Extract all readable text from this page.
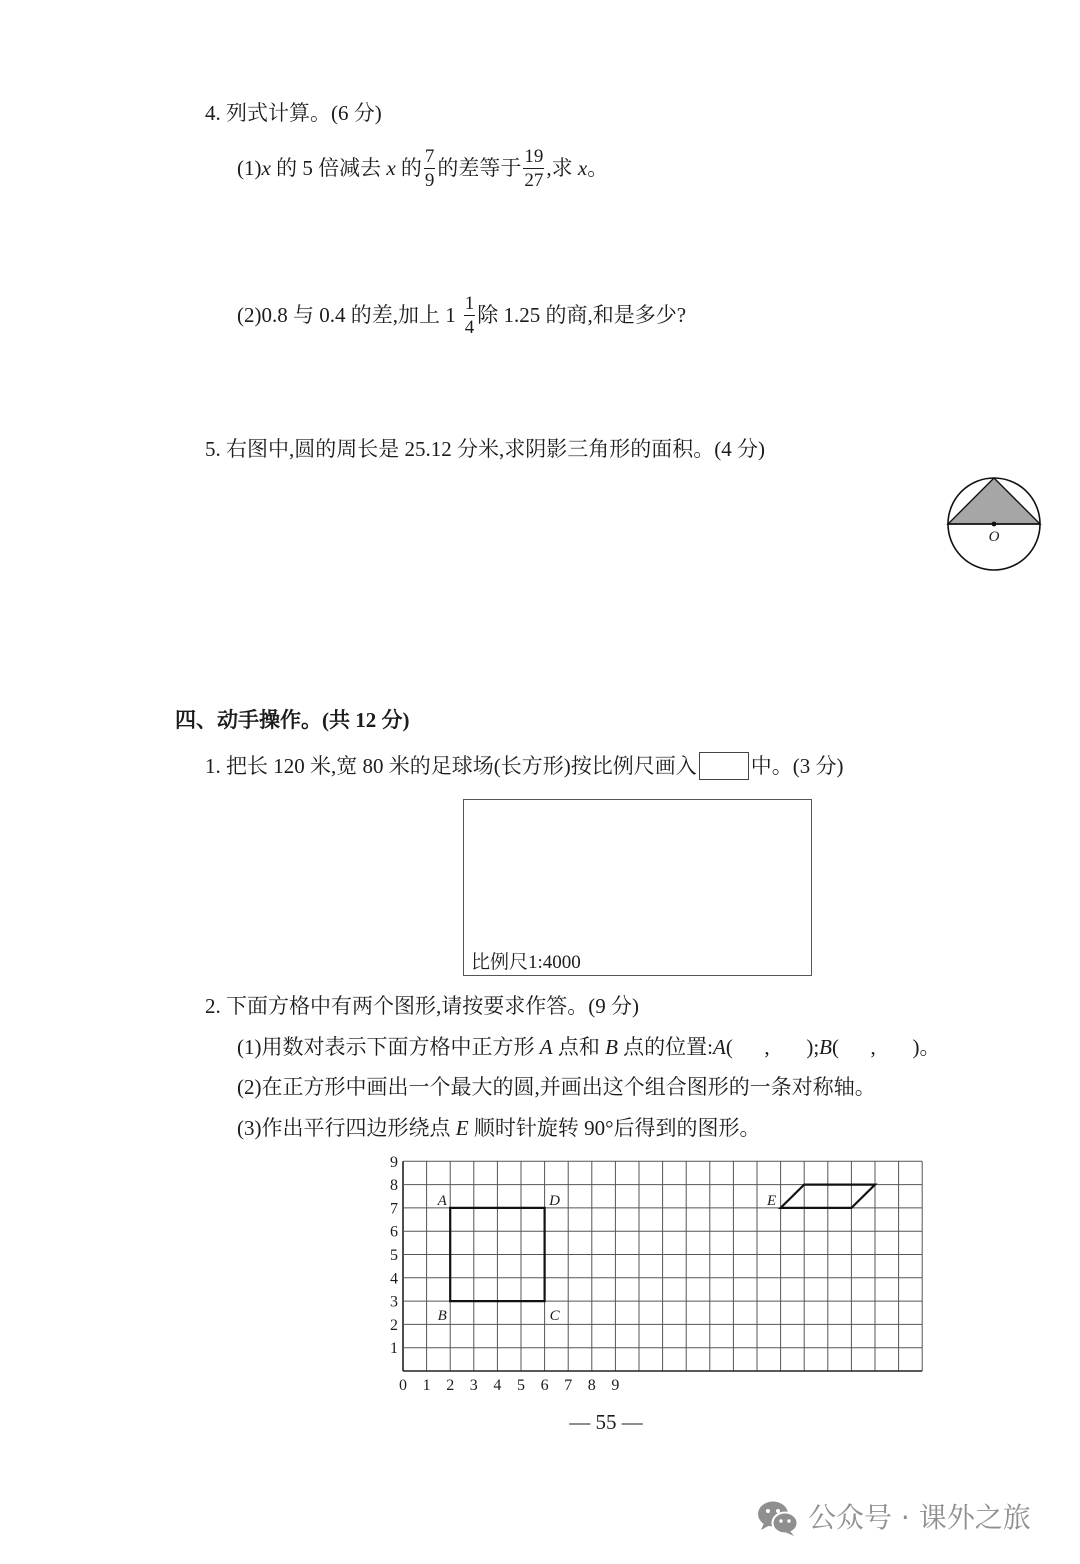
4. 列式计算。(6 分)
(1) x 的 5 倍减去 x 的 $\frac{7}{9}$ 的差等于 $\frac{19}{27}$ ,求 x 。
(2)0.8 与 0.4 的差,加上 $1 \frac{1}{4}$ 除 1.25 的商,和是多少?
5. 右图中,圆的周长是 25.12 分米,求阴影三角形的面积。(4 分)
O
四、动手操作。(共 12 分)
1. 把长 120 米,宽 80 米的足球场(长方形)按比例尺画入	中。(3 分)
比例尺1:4000
2. 下面方格中有两个图形,请按要求作答。(9 分)
(1)用数对表示下面方格中正方形 A 点和 B 点的位置: A (      ,       ); B (      ,       )。
(2)在正方形中画出一个最大的圆,并画出这个组合图形的一条对称轴。
(3)作出平行四边形绕点 E 顺时针旋转 90°后得到的图形。
0 1 2 3 4 5 6 7 8 9
1
2
3
4
5
6
7
8
9
A	D
C
B
E
— 55 —
公众号 · 课外之旅
